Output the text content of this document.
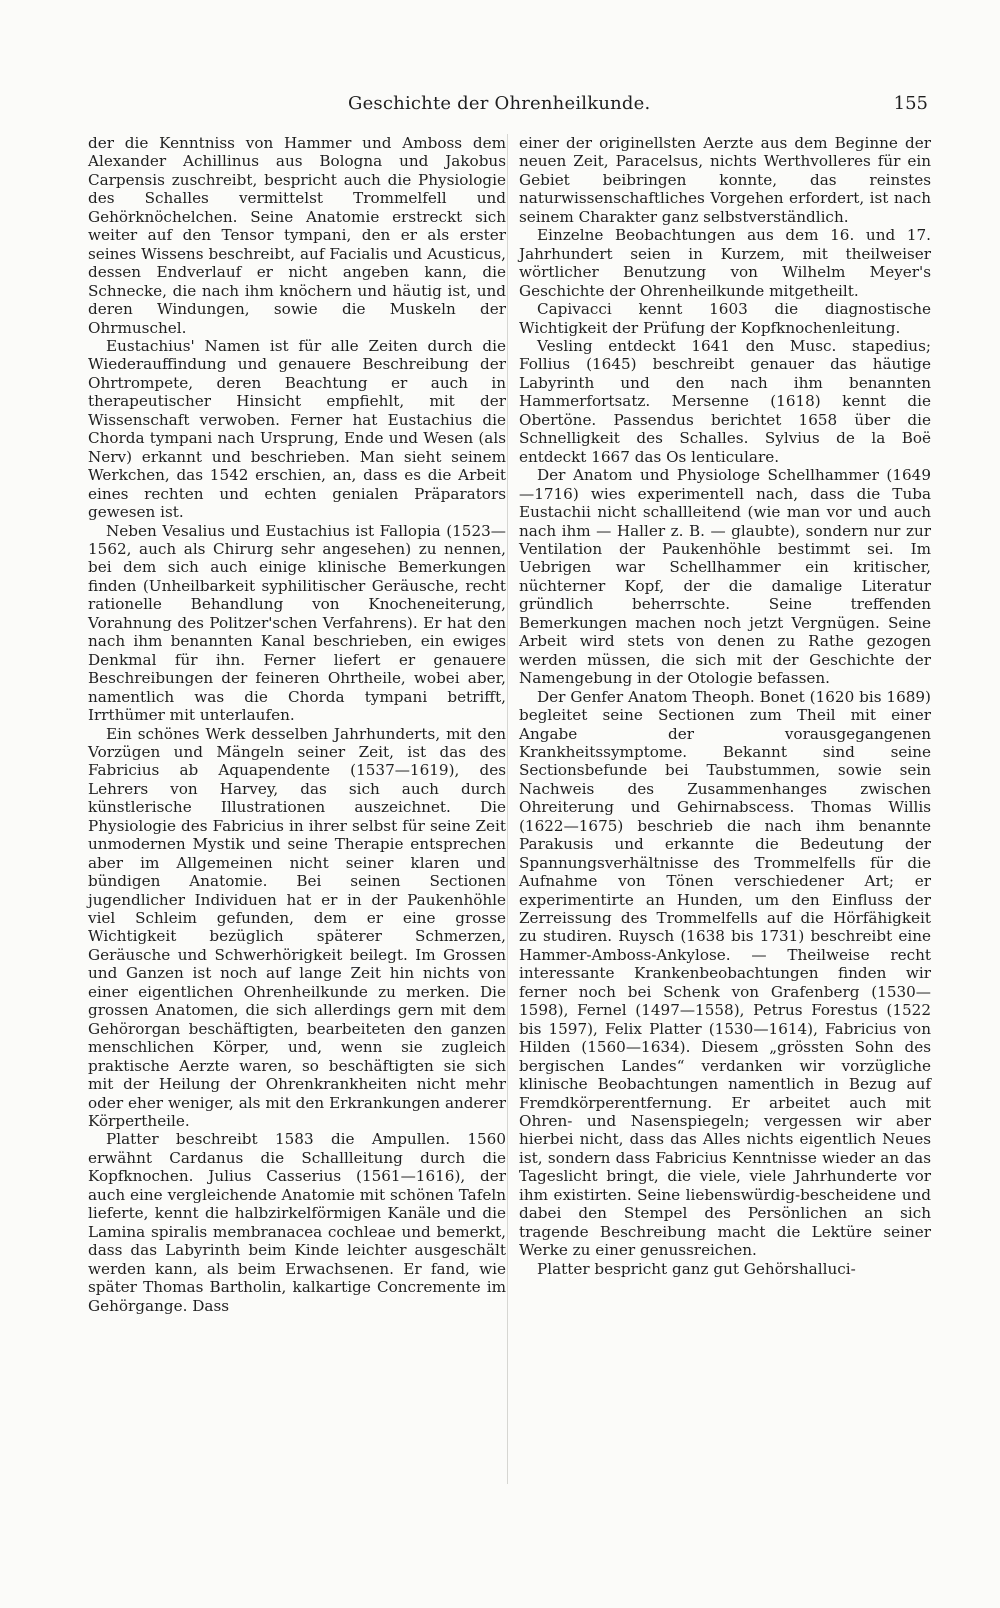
Geschichte der Ohrenheilkunde.	155

der die Kenntniss von Hammer und Amboss dem Alexander Achillinus aus Bologna und Jakobus Carpensis zuschreibt, bespricht auch die Physiologie des Schalles vermittelst Trommelfell und Gehörknöchelchen. Seine Anatomie erstreckt sich weiter auf den Tensor tympani, den er als erster seines Wissens beschreibt, auf Facialis und Acusticus, dessen Endverlauf er nicht angeben kann, die Schnecke, die nach ihm knöchern und häutig ist, und deren Windungen, sowie die Muskeln der Ohrmuschel.

Eustachius' Namen ist für alle Zeiten durch die Wiederauffindung und genauere Beschreibung der Ohrtrompete, deren Beachtung er auch in therapeutischer Hinsicht empfiehlt, mit der Wissenschaft verwoben. Ferner hat Eustachius die Chorda tympani nach Ursprung, Ende und Wesen (als Nerv) erkannt und beschrieben. Man sieht seinem Werkchen, das 1542 erschien, an, dass es die Arbeit eines rechten und echten genialen Präparators gewesen ist.

Neben Vesalius und Eustachius ist Fallopia (1523—1562, auch als Chirurg sehr angesehen) zu nennen, bei dem sich auch einige klinische Bemerkungen finden (Unheilbarkeit syphilitischer Geräusche, recht rationelle Behandlung von Knocheneiterung, Vorahnung des Politzer'schen Verfahrens). Er hat den nach ihm benannten Kanal beschrieben, ein ewiges Denkmal für ihn. Ferner liefert er genauere Beschreibungen der feineren Ohrtheile, wobei aber, namentlich was die Chorda tympani betrifft, Irrthümer mit unterlaufen.

Ein schönes Werk desselben Jahrhunderts, mit den Vorzügen und Mängeln seiner Zeit, ist das des Fabricius ab Aquapendente (1537—1619), des Lehrers von Harvey, das sich auch durch künstlerische Illustrationen auszeichnet. Die Physiologie des Fabricius in ihrer selbst für seine Zeit unmodernen Mystik und seine Therapie entsprechen aber im Allgemeinen nicht seiner klaren und bündigen Anatomie. Bei seinen Sectionen jugendlicher Individuen hat er in der Paukenhöhle viel Schleim gefunden, dem er eine grosse Wichtigkeit bezüglich späterer Schmerzen, Geräusche und Schwerhörigkeit beilegt. Im Grossen und Ganzen ist noch auf lange Zeit hin nichts von einer eigentlichen Ohrenheilkunde zu merken. Die grossen Anatomen, die sich allerdings gern mit dem Gehörorgan beschäftigten, bearbeiteten den ganzen menschlichen Körper, und, wenn sie zugleich praktische Aerzte waren, so beschäftigten sie sich mit der Heilung der Ohrenkrankheiten nicht mehr oder eher weniger, als mit den Erkrankungen anderer Körpertheile.

Platter beschreibt 1583 die Ampullen. 1560 erwähnt Cardanus die Schallleitung durch die Kopfknochen. Julius Casserius (1561—1616), der auch eine vergleichende Anatomie mit schönen Tafeln lieferte, kennt die halbzirkelförmigen Kanäle und die Lamina spiralis membranacea cochleae und bemerkt, dass das Labyrinth beim Kinde leichter ausgeschält werden kann, als beim Erwachsenen. Er fand, wie später Thomas Bartholin, kalkartige Concremente im Gehörgange. Dass

einer der originellsten Aerzte aus dem Beginne der neuen Zeit, Paracelsus, nichts Werthvolleres für ein Gebiet beibringen konnte, das reinstes naturwissenschaftliches Vorgehen erfordert, ist nach seinem Charakter ganz selbstverständlich.

Einzelne Beobachtungen aus dem 16. und 17. Jahrhundert seien in Kurzem, mit theilweiser wörtlicher Benutzung von Wilhelm Meyer's Geschichte der Ohrenheilkunde mitgetheilt.

Capivacci kennt 1603 die diagnostische Wichtigkeit der Prüfung der Kopfknochenleitung.

Vesling entdeckt 1641 den Musc. stapedius; Follius (1645) beschreibt genauer das häutige Labyrinth und den nach ihm benannten Hammerfortsatz. Mersenne (1618) kennt die Obertöne. Passendus berichtet 1658 über die Schnelligkeit des Schalles. Sylvius de la Boë entdeckt 1667 das Os lenticulare.

Der Anatom und Physiologe Schellhammer (1649—1716) wies experimentell nach, dass die Tuba Eustachii nicht schallleitend (wie man vor und auch nach ihm — Haller z. B. — glaubte), sondern nur zur Ventilation der Paukenhöhle bestimmt sei. Im Uebrigen war Schellhammer ein kritischer, nüchterner Kopf, der die damalige Literatur gründlich beherrschte. Seine treffenden Bemerkungen machen noch jetzt Vergnügen. Seine Arbeit wird stets von denen zu Rathe gezogen werden müssen, die sich mit der Geschichte der Namengebung in der Otologie befassen.

Der Genfer Anatom Theoph. Bonet (1620 bis 1689) begleitet seine Sectionen zum Theil mit einer Angabe der vorausgegangenen Krankheitssymptome. Bekannt sind seine Sectionsbefunde bei Taubstummen, sowie sein Nachweis des Zusammenhanges zwischen Ohreiterung und Gehirnabscess. Thomas Willis (1622—1675) beschrieb die nach ihm benannte Parakusis und erkannte die Bedeutung der Spannungsverhältnisse des Trommelfells für die Aufnahme von Tönen verschiedener Art; er experimentirte an Hunden, um den Einfluss der Zerreissung des Trommelfells auf die Hörfähigkeit zu studiren. Ruysch (1638 bis 1731) beschreibt eine Hammer-Amboss-Ankylose. — Theilweise recht interessante Krankenbeobachtungen finden wir ferner noch bei Schenk von Grafenberg (1530—1598), Fernel (1497—1558), Petrus Forestus (1522 bis 1597), Felix Platter (1530—1614), Fabricius von Hilden (1560—1634). Diesem „grössten Sohn des bergischen Landes“ verdanken wir vorzügliche klinische Beobachtungen namentlich in Bezug auf Fremdkörperentfernung. Er arbeitet auch mit Ohren- und Nasenspiegeln; vergessen wir aber hierbei nicht, dass das Alles nichts eigentlich Neues ist, sondern dass Fabricius Kenntnisse wieder an das Tageslicht bringt, die viele, viele Jahrhunderte vor ihm existirten. Seine liebenswürdig-bescheidene und dabei den Stempel des Persönlichen an sich tragende Beschreibung macht die Lektüre seiner Werke zu einer genussreichen.

Platter bespricht ganz gut Gehörshalluci-
